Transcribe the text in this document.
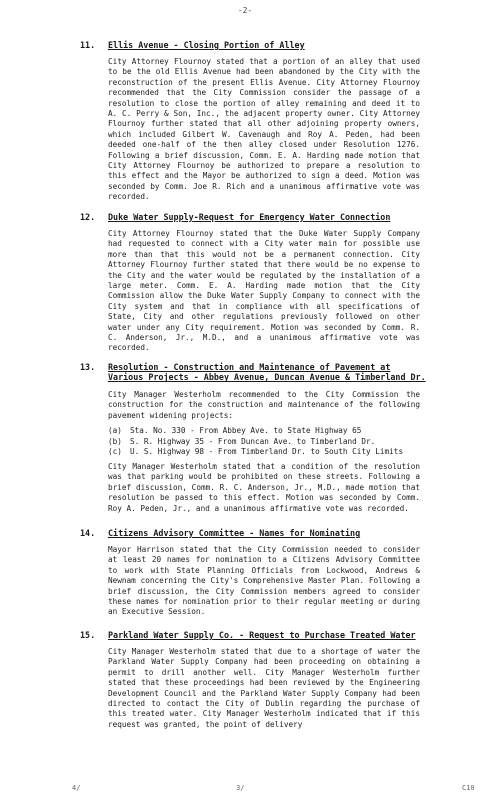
-2-
11. Ellis Avenue - Closing Portion of Alley
City Attorney Flournoy stated that a portion of an alley that used to be the old Ellis Avenue had been abandoned by the City with the reconstruction of the present Ellis Avenue. City Attorney Flournoy recommended that the City Commission consider the passage of a resolution to close the portion of alley remaining and deed it to A. C. Perry & Son, Inc., the adjacent property owner. City Attorney Flournoy further stated that all other adjoining property owners, which included Gilbert W. Cavenaugh and Roy A. Peden, had been deeded one-half of the then alley closed under Resolution 1276. Following a brief discussion, Comm. E. A. Harding made motion that City Attorney Flournoy be authorized to prepare a resolution to this effect and the Mayor be authorized to sign a deed. Motion was seconded by Comm. Joe R. Rich and a unanimous affirmative vote was recorded.
12. Duke Water Supply-Request for Emergency Water Connection
City Attorney Flournoy stated that the Duke Water Supply Company had requested to connect with a City water main for possible use more than that this would not be a permanent connection. City Attorney Flournoy further stated that there would be no expense to the City and the water would be regulated by the installation of a large meter. Comm. E. A. Harding made motion that the City Commission allow the Duke Water Supply Company to connect with the City system and that in compliance with all specifications of State, City and other regulations previously followed on other water under any City requirement. Motion was seconded by Comm. R. C. Anderson, Jr., M.D., and a unanimous affirmative vote was recorded.
13. Resolution - Construction and Maintenance of Pavement at Various Projects - Abbey Avenue, Duncan Avenue & Timberland Dr.
City Manager Westerholm recommended to the City Commission the construction for the construction and maintenance of the following pavement widening projects:
(a)	Sta. No. 330 - From Abbey Ave. to State Highway 65
(b)	S. R. Highway 35 - From Duncan Ave. to Timberland Dr.
(c)	U. S. Highway 98 - From Timberland Dr. to South City Limits
City Manager Westerholm stated that a condition of the resolution was that parking would be prohibited on these streets. Following a brief discussion, Comm. R. C. Anderson, Jr., M.D., made motion that resolution be passed to this effect. Motion was seconded by Comm. Roy A. Peden, Jr., and a unanimous affirmative vote was recorded.
14. Citizens Advisory Committee - Names for Nominating
Mayor Harrison stated that the City Commission needed to consider at least 20 names for nomination to a Citizens Advisory Committee to work with State Planning Officials from Lockwood, Andrews & Newnam concerning the City's Comprehensive Master Plan. Following a brief discussion, the City Commission members agreed to consider these names for nomination prior to their regular meeting or during an Executive Session.
15. Parkland Water Supply Co. - Request to Purchase Treated Water
City Manager Westerholm stated that due to a shortage of water the Parkland Water Supply Company had been proceeding on obtaining a permit to drill another well. City Manager Westerholm further stated that these proceedings had been reviewed by the Engineering Development Council and the Parkland Water Supply Company had been directed to contact the City of Dublin regarding the purchase of this treated water. City Manager Westerholm indicated that if this request was granted, the point of delivery
4/	3/	C10
